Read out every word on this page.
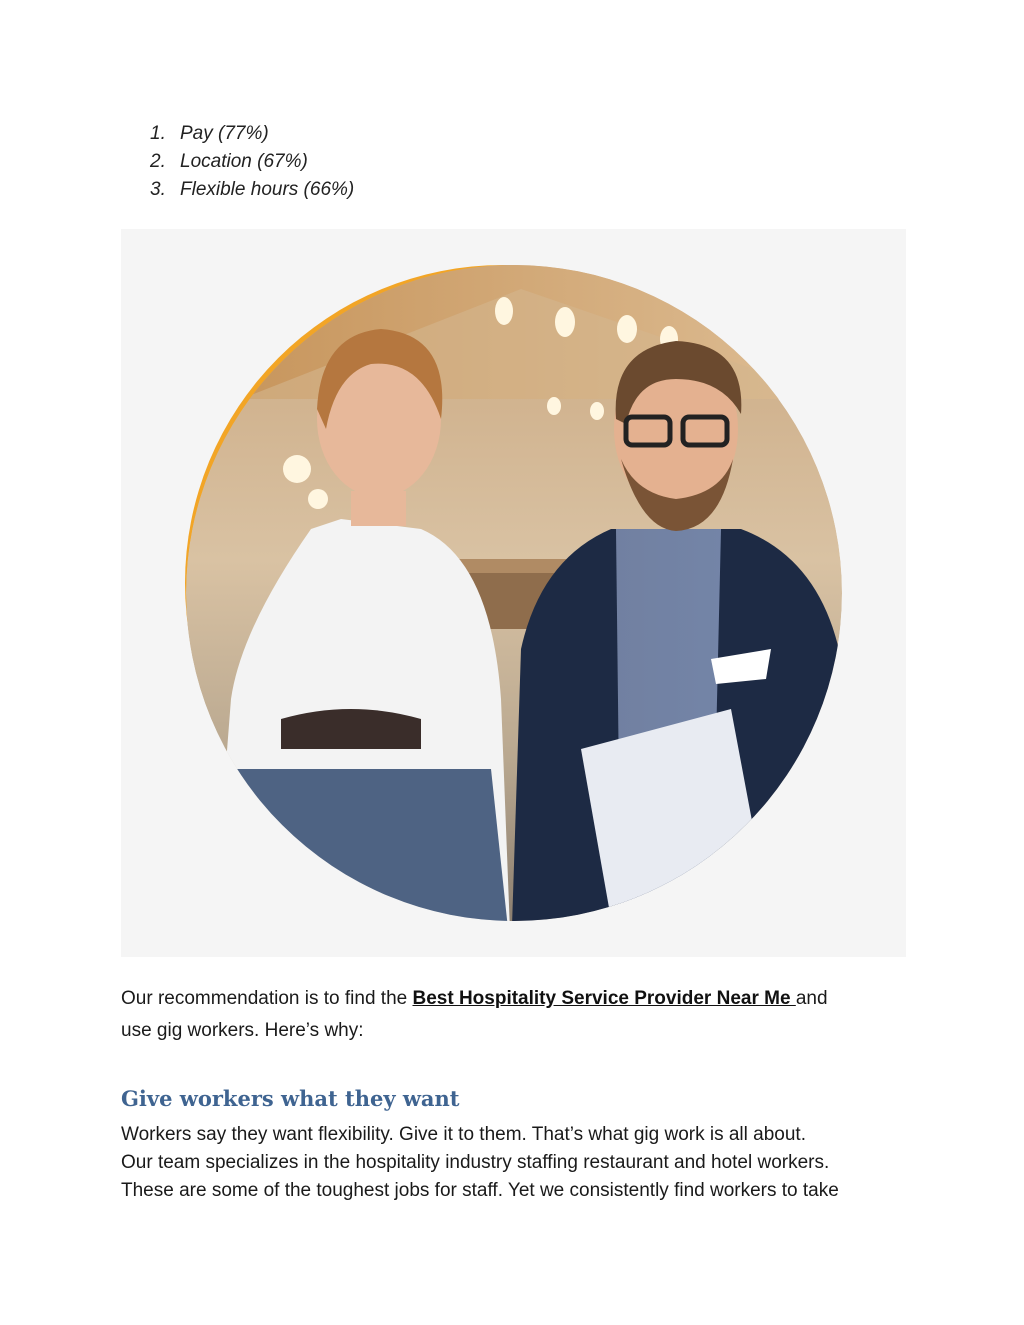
1. Pay (77%)
2. Location (67%)
3. Flexible hours (66%)

Our recommendation is to find the Best Hospitality Service Provider Near Me and

use gig workers. Here’s why:

Give workers what they want

Workers say they want flexibility. Give it to them. That’s what gig work is all about.

Our team specializes in the hospitality industry staffing restaurant and hotel workers.

These are some of the toughest jobs for staff. Yet we consistently find workers to take
